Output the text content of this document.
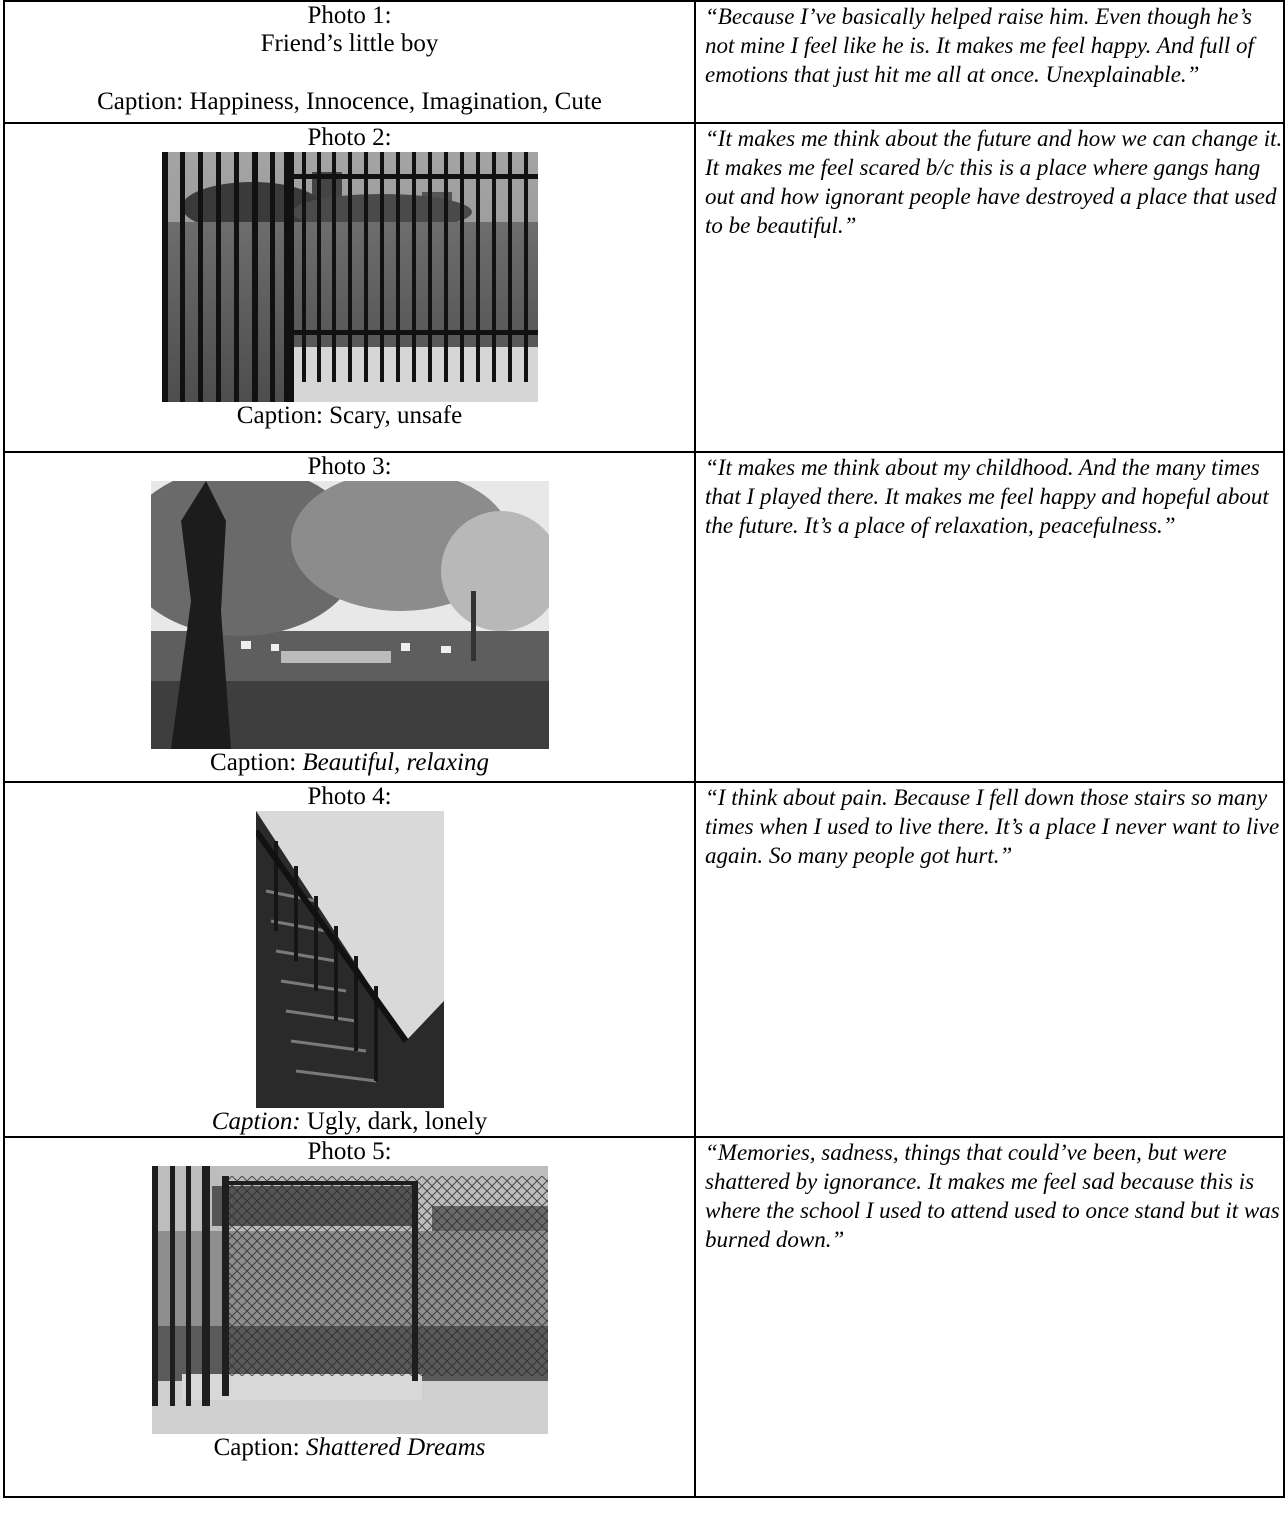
Photo 1:
Friend’s little boy
Caption: Happiness, Innocence, Imagination, Cute	“Because I’ve basically helped raise him. Even though he’s not mine I feel like he is. It makes me feel happy. And full of emotions that just hit me all at once. Unexplainable.”

Photo 2:
Caption: Scary, unsafe	“It makes me think about the future and how we can change it. It makes me feel scared b/c this is a place where gangs hang out and how ignorant people have destroyed a place that used to be beautiful.”

Photo 3:
Caption: Beautiful, relaxing	“It makes me think about my childhood. And the many times that I played there. It makes me feel happy and hopeful about the future. It’s a place of relaxation, peacefulness.”

Photo 4:
Caption: Ugly, dark, lonely	“I think about pain. Because I fell down those stairs so many times when I used to live there. It’s a place I never want to live again. So many people got hurt.”

Photo 5:
Caption: Shattered Dreams	“Memories, sadness, things that could’ve been, but were shattered by ignorance. It makes me feel sad because this is where the school I used to attend used to once stand but it was burned down.”
